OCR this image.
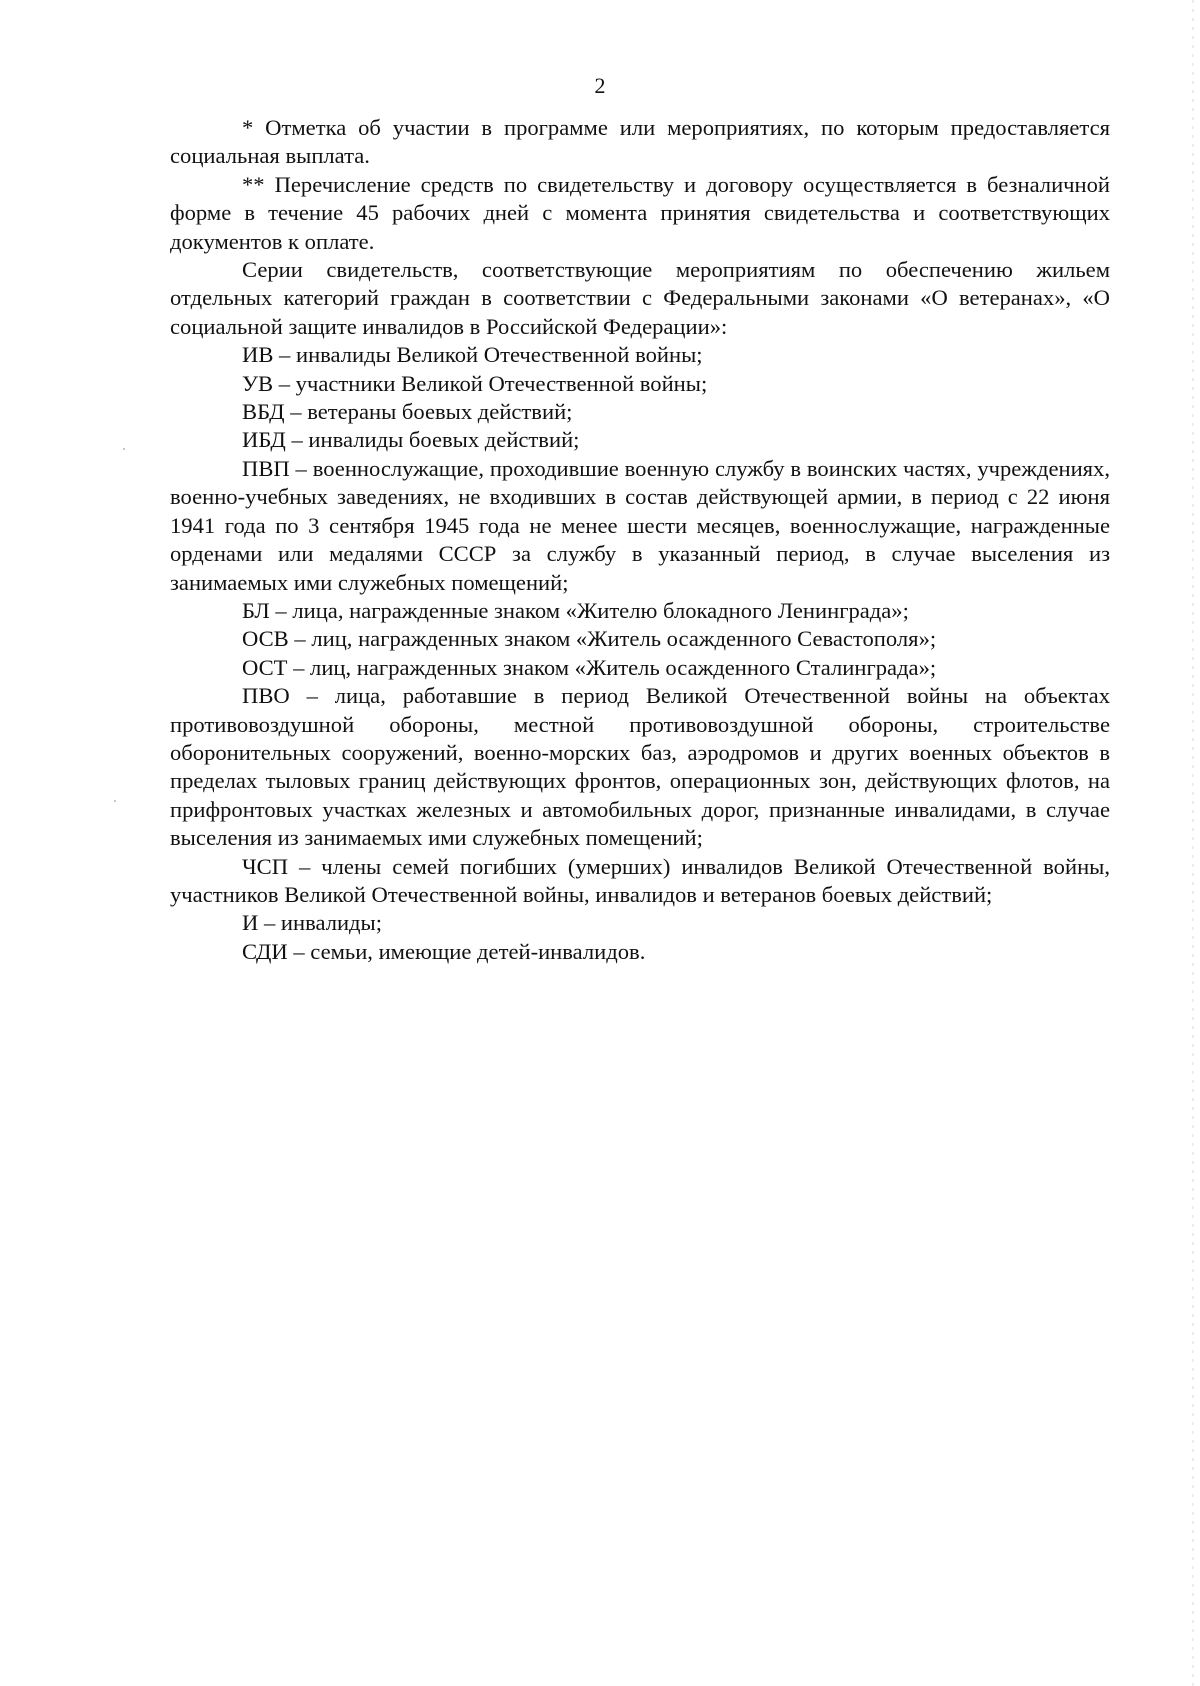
2

* Отметка об участии в программе или мероприятиях, по которым предоставляется социальная выплата.

** Перечисление средств по свидетельству и договору осуществляется в безналичной форме в течение 45 рабочих дней с момента принятия свидетельства и соответствующих документов к оплате.

Серии свидетельств, соответствующие мероприятиям по обеспечению жильем отдельных категорий граждан в соответствии с Федеральными законами «О ветеранах», «О социальной защите инвалидов в Российской Федерации»:

ИВ – инвалиды Великой Отечественной войны;

УВ – участники Великой Отечественной войны;

ВБД – ветераны боевых действий;

ИБД – инвалиды боевых действий;

ПВП – военнослужащие, проходившие военную службу в воинских частях, учреждениях, военно-учебных заведениях, не входивших в состав действующей армии, в период с 22 июня 1941 года по 3 сентября 1945 года не менее шести месяцев, военнослужащие, награжденные орденами или медалями СССР за службу в указанный период, в случае выселения из занимаемых ими служебных помещений;

БЛ – лица, награжденные знаком «Жителю блокадного Ленинграда»;

ОСВ – лиц, награжденных знаком «Житель осажденного Севастополя»;

ОСТ – лиц, награжденных знаком «Житель осажденного Сталинграда»;

ПВО – лица, работавшие в период Великой Отечественной войны на объектах противовоздушной обороны, местной противовоздушной обороны, строительстве оборонительных сооружений, военно-морских баз, аэродромов и других военных объектов в пределах тыловых границ действующих фронтов, операционных зон, действующих флотов, на прифронтовых участках железных и автомобильных дорог, признанные инвалидами, в случае выселения из занимаемых ими служебных помещений;

ЧСП – члены семей погибших (умерших) инвалидов Великой Отечественной войны, участников Великой Отечественной войны, инвалидов и ветеранов боевых действий;

И – инвалиды;

СДИ – семьи, имеющие детей-инвалидов.
